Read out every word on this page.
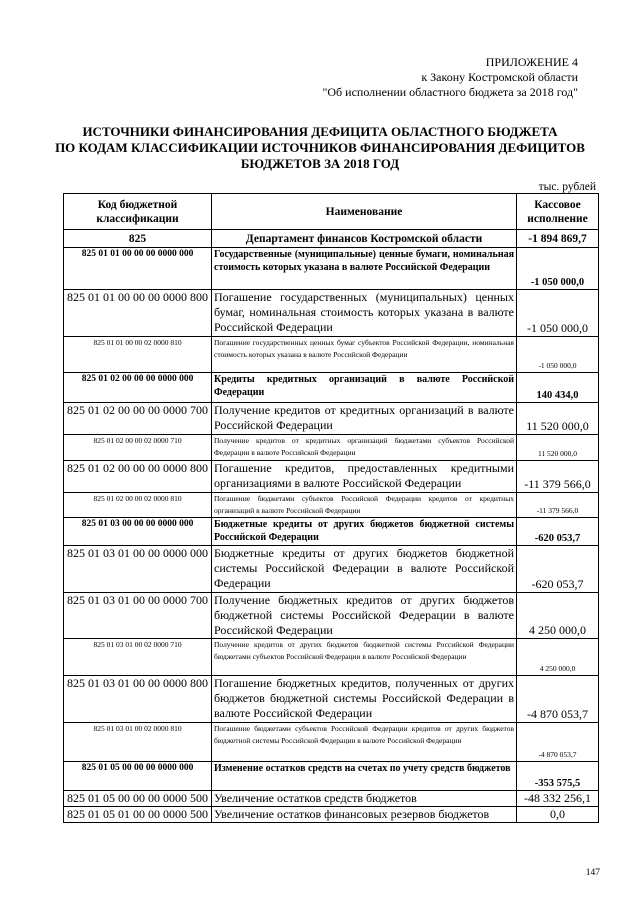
ПРИЛОЖЕНИЕ 4
к Закону Костромской области
"Об исполнении областного бюджета за 2018 год"
ИСТОЧНИКИ ФИНАНСИРОВАНИЯ ДЕФИЦИТА ОБЛАСТНОГО БЮДЖЕТА
ПО КОДАМ КЛАССИФИКАЦИИ ИСТОЧНИКОВ ФИНАНСИРОВАНИЯ ДЕФИЦИТОВ
БЮДЖЕТОВ ЗА 2018 ГОД
тыс. рублей
Код бюджетной классификации	Наименование	Кассовое исполнение
825	Департамент финансов Костромской области	-1 894 869,7
825 01 01 00 00 00 0000 000	Государственные (муниципальные) ценные бумаги, номинальная стоимость которых указана в валюте Российской Федерации	-1 050 000,0
825 01 01 00 00 00 0000 800	Погашение государственных (муниципальных) ценных бумаг, номинальная стоимость которых указана в валюте Российской Федерации	-1 050 000,0
825 01 01 00 00 02 0000 810	Погашение государственных ценных бумаг субъектов Российской Федерации, номинальная стоимость которых указана в валюте Российской Федерации	-1 050 000,0
825 01 02 00 00 00 0000 000	Кредиты кредитных организаций в валюте Российской Федерации	140 434,0
825 01 02 00 00 00 0000 700	Получение кредитов от кредитных организаций в валюте Российской Федерации	11 520 000,0
825 01 02 00 00 02 0000 710	Получение кредитов от кредитных организаций бюджетами субъектов Российской Федерации в валюте Российской Федерации	11 520 000,0
825 01 02 00 00 00 0000 800	Погашение кредитов, предоставленных кредитными организациями в валюте Российской Федерации	-11 379 566,0
825 01 02 00 00 02 0000 810	Погашение бюджетами субъектов Российской Федерации кредитов от кредитных организаций в валюте Российской Федерации	-11 379 566,0
825 01 03 00 00 00 0000 000	Бюджетные кредиты от других бюджетов бюджетной системы Российской Федерации	-620 053,7
825 01 03 01 00 00 0000 000	Бюджетные кредиты от других бюджетов бюджетной системы Российской Федерации в валюте Российской Федерации	-620 053,7
825 01 03 01 00 00 0000 700	Получение бюджетных кредитов от других бюджетов бюджетной системы Российской Федерации в валюте Российской Федерации	4 250 000,0
825 01 03 01 00 02 0000 710	Получение кредитов от других бюджетов бюджетной системы Российской Федерации бюджетами субъектов Российской Федерации в валюте Российской Федерации	4 250 000,0
825 01 03 01 00 00 0000 800	Погашение бюджетных кредитов, полученных от других бюджетов бюджетной системы Российской Федерации в валюте Российской Федерации	-4 870 053,7
825 01 03 01 00 02 0000 810	Погашение бюджетами субъектов Российской Федерации кредитов от других бюджетов бюджетной системы Российской Федерации в валюте Российской Федерации	-4 870 053,7
825 01 05 00 00 00 0000 000	Изменение остатков средств на счетах по учету средств бюджетов	-353 575,5
825 01 05 00 00 00 0000 500	Увеличение остатков средств бюджетов	-48 332 256,1
825 01 05 01 00 00 0000 500	Увеличение остатков финансовых резервов бюджетов	0,0
147
